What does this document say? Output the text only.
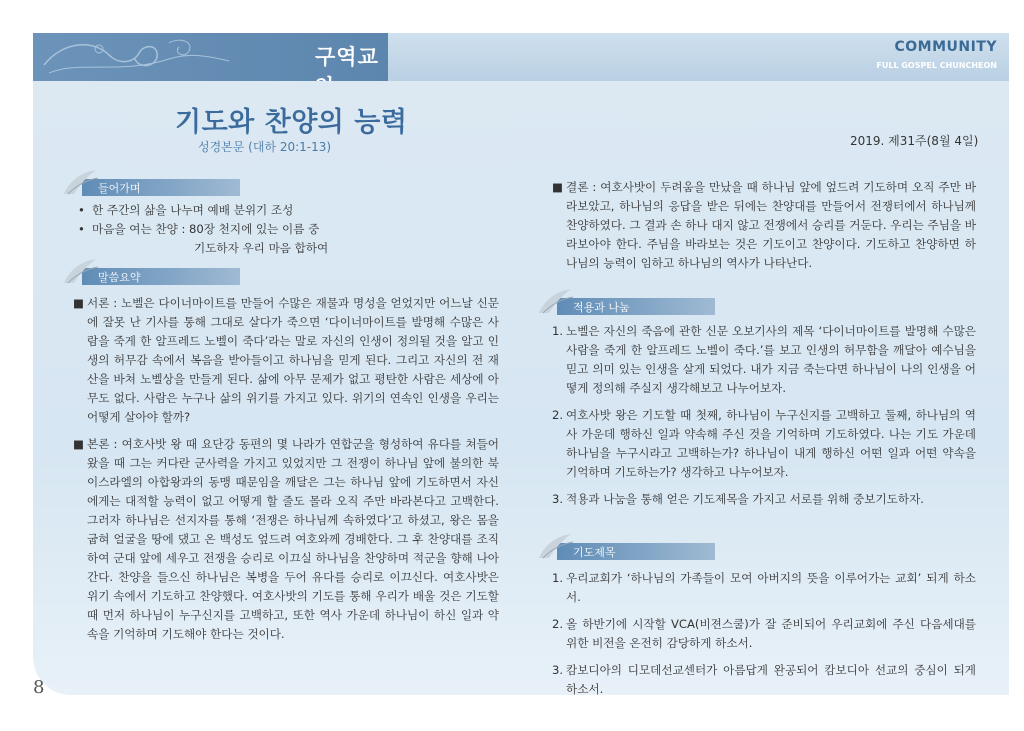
구역교	COMMUNITY
FULL GOSPEL CHUNCHEON
기도와 찬양의 능력
성경본문 (대하 20:1-13)	2019. 제31주(8월 4일)
들어가며
• 한 주간의 삶을 나누며 예배 분위기 조성
• 마음을 여는 찬양 : 80장 천지에 있는 이름 중
기도하자 우리 마음 합하여
말씀요약
■ 서론 : 노벨은 다이너마이트를 만들어 수많은 재물과 명성을 얻었지만 어느날 신문에 잘못 난 기사를 통해 그대로 살다가 죽으면 ‘다이너마이트를 발명해 수많은 사람을 죽게 한 알프레드 노벨이 죽다’라는 말로 자신의 인생이 정의될 것을 알고 인생의 허무감 속에서 복음을 받아들이고 하나님을 믿게 된다. 그리고 자신의 전 재산을 바쳐 노벨상을 만들게 된다. 삶에 아무 문제가 없고 평탄한 사람은 세상에 아무도 없다. 사람은 누구나 삶의 위기를 가지고 있다. 위기의 연속인 인생을 우리는 어떻게 살아야 할까?
■ 본론 : 여호사밧 왕 때 요단강 동편의 몇 나라가 연합군을 형성하여 유다를 쳐들어왔을 때 그는 커다란 군사력을 가지고 있었지만 그 전쟁이 하나님 앞에 불의한 북이스라엘의 아합왕과의 동맹 때문임을 깨달은 그는 하나님 앞에 기도하면서 자신에게는 대적할 능력이 없고 어떻게 할 줄도 몰라 오직 주만 바라본다고 고백한다. 그러자 하나님은 선지자를 통해 ‘전쟁은 하나님께 속하였다’고 하셨고, 왕은 몸을 굽혀 얼굴을 땅에 댔고 온 백성도 엎드려 여호와께 경배한다. 그 후 찬양대를 조직하여 군대 앞에 세우고 전쟁을 승리로 이끄실 하나님을 찬양하며 적군을 향해 나아간다. 찬양을 들으신 하나님은 복병을 두어 유다를 승리로 이끄신다. 여호사밧은 위기 속에서 기도하고 찬양했다. 여호사밧의 기도를 통해 우리가 배울 것은 기도할 때 먼저 하나님이 누구신지를 고백하고, 또한 역사 가운데 하나님이 하신 일과 약속을 기억하며 기도해야 한다는 것이다.
■ 결론 : 여호사밧이 두려움을 만났을 때 하나님 앞에 엎드려 기도하며 오직 주만 바라보았고, 하나님의 응답을 받은 뒤에는 찬양대를 만들어서 전쟁터에서 하나님께 찬양하였다. 그 결과 손 하나 대지 않고 전쟁에서 승리를 거둔다. 우리는 주님을 바라보아야 한다. 주님을 바라보는 것은 기도이고 찬양이다. 기도하고 찬양하면 하나님의 능력이 임하고 하나님의 역사가 나타난다.
적용과 나눔
1. 노벨은 자신의 죽음에 관한 신문 오보기사의 제목 ‘다이너마이트를 발명해 수많은 사람을 죽게 한 알프레드 노벨이 죽다.’를 보고 인생의 허무함을 깨달아 예수님을 믿고 의미 있는 인생을 살게 되었다. 내가 지금 죽는다면 하나님이 나의 인생을 어떻게 정의해 주실지 생각해보고 나누어보자.
2. 여호사밧 왕은 기도할 때 첫째, 하나님이 누구신지를 고백하고 둘째, 하나님의 역사 가운데 행하신 일과 약속해 주신 것을 기억하며 기도하였다. 나는 기도 가운데 하나님을 누구시라고 고백하는가? 하나님이 내게 행하신 어떤 일과 어떤 약속을 기억하며 기도하는가? 생각하고 나누어보자.
3. 적용과 나눔을 통해 얻은 기도제목을 가지고 서로를 위해 중보기도하자.
기도제목
1. 우리교회가 ‘하나님의 가족들이 모여 아버지의 뜻을 이루어가는 교회’ 되게 하소서.
2. 올 하반기에 시작할 VCA(비젼스쿨)가 잘 준비되어 우리교회에 주신 다음세대를 위한 비전을 온전히 감당하게 하소서.
3. 캄보디아의 디모데선교센터가 아름답게 완공되어 캄보디아 선교의 중심이 되게 하소서.
8
